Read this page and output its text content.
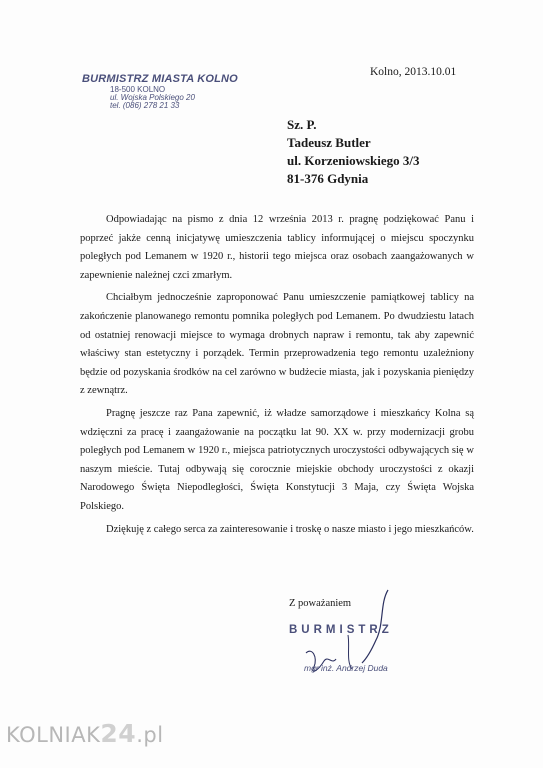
BURMISTRZ MIASTA KOLNO
18-500 KOLNO
ul. Wojska Polskiego 20
tel. (086) 278 21 33
Kolno, 2013.10.01
Sz. P.
Tadeusz Butler
ul. Korzeniowskiego 3/3
81-376 Gdynia

Odpowiadając na pismo z dnia 12 września 2013 r. pragnę podziękować Panu i poprzeć jakże cenną inicjatywę umieszczenia tablicy informującej o miejscu spoczynku poległych pod Lemanem w 1920 r., historii tego miejsca oraz osobach zaangażowanych w zapewnienie należnej czci zmarłym.

Chciałbym jednocześnie zaproponować Panu umieszczenie pamiątkowej tablicy na zakończenie planowanego remontu pomnika poległych pod Lemanem. Po dwudziestu latach od ostatniej renowacji miejsce to wymaga drobnych napraw i remontu, tak aby zapewnić właściwy stan estetyczny i porządek. Termin przeprowadzenia tego remontu uzależniony będzie od pozyskania środków na cel zarówno w budżecie miasta, jak i pozyskania pieniędzy z zewnątrz.

Pragnę jeszcze raz Pana zapewnić, iż władze samorządowe i mieszkańcy Kolna są wdzięczni za pracę i zaangażowanie na początku lat 90. XX w. przy modernizacji grobu poległych pod Lemanem w 1920 r., miejsca patriotycznych uroczystości odbywających się w naszym mieście. Tutaj odbywają się corocznie miejskie obchody uroczystości z okazji Narodowego Święta Niepodległości, Święta Konstytucji 3 Maja, czy Święta Wojska Polskiego.

Dziękuję z całego serca za zainteresowanie i troskę o nasze miasto i jego mieszkańców.

Z poważaniem
BURMISTRZ
mgr inż. Andrzej Duda
KOLNIAK24.pl
